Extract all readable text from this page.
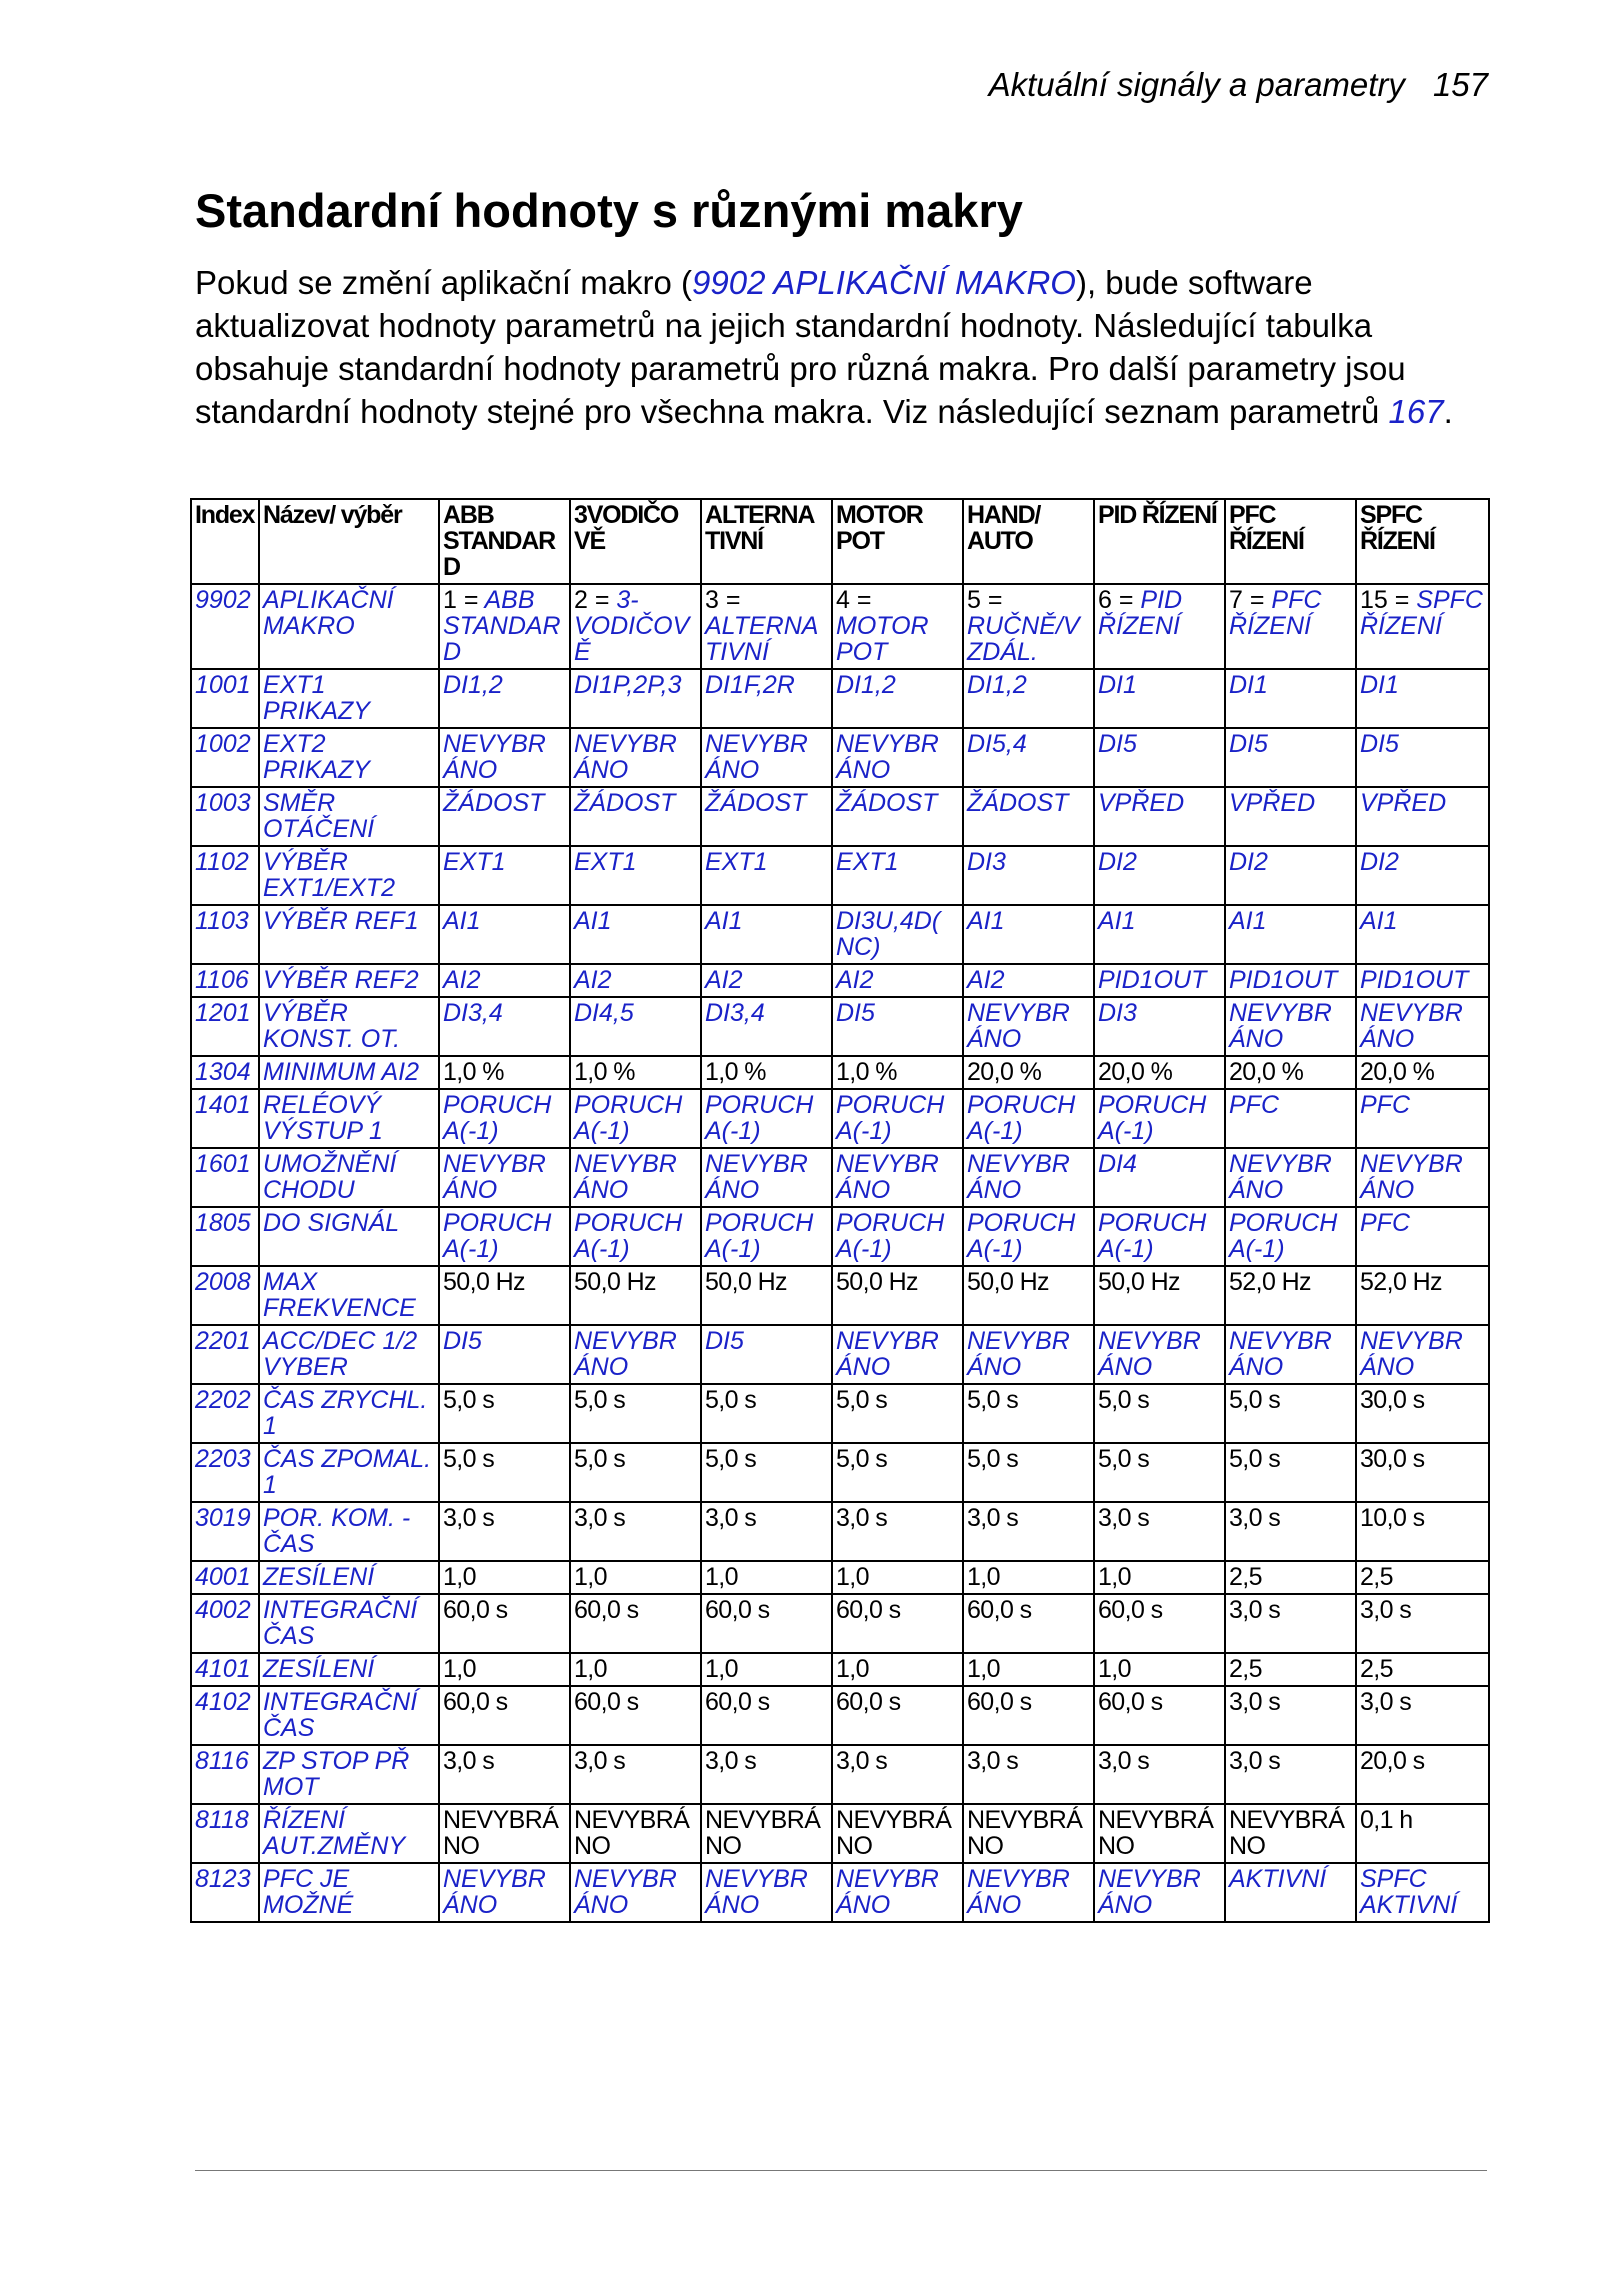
Aktuální signály a parametry 157
Standardní hodnoty s různými makry

Pokud se změní aplikační makro (9902 APLIKAČNÍ MAKRO), bude software aktualizovat hodnoty parametrů na jejich standardní hodnoty. Následující tabulka obsahuje standardní hodnoty parametrů pro různá makra. Pro další parametry jsou standardní hodnoty stejné pro všechna makra. Viz následující seznam parametrů 167.

Index	Název/ výběr	ABB STANDARD	3VODIČO VĚ	ALTERNA TIVNÍ	MOTOR POT	HAND/ AUTO	PID ŘÍZENÍ	PFC ŘÍZENÍ	SPFC ŘÍZENÍ
9902	APLIKAČNÍ MAKRO	1 = ABB STANDAR D	2 = 3- VODIČOV Ě	3 = ALTERNA TIVNÍ	4 = MOTOR POT	5 = RUČNĚ/V ZDÁL.	6 = PID ŘÍZENÍ	7 = PFC ŘÍZENÍ	15 = SPFC ŘÍZENÍ
1001	EXT1 PRIKAZY	DI1,2	DI1P,2P,3	DI1F,2R	DI1,2	DI1,2	DI1	DI1	DI1
1002	EXT2 PRIKAZY	NEVYBR ÁNO	NEVYBR ÁNO	NEVYBR ÁNO	NEVYBR ÁNO	DI5,4	DI5	DI5	DI5
1003	SMĚR OTÁČENÍ	ŽÁDOST	ŽÁDOST	ŽÁDOST	ŽÁDOST	ŽÁDOST	VPŘED	VPŘED	VPŘED
1102	VÝBĚR EXT1/EXT2	EXT1	EXT1	EXT1	EXT1	DI3	DI2	DI2	DI2
1103	VÝBĚR REF1	AI1	AI1	AI1	DI3U,4D( NC)	AI1	AI1	AI1	AI1
1106	VÝBĚR REF2	AI2	AI2	AI2	AI2	AI2	PID1OUT	PID1OUT	PID1OUT
1201	VÝBĚR KONST. OT.	DI3,4	DI4,5	DI3,4	DI5	NEVYBR ÁNO	DI3	NEVYBR ÁNO	NEVYBR ÁNO
1304	MINIMUM AI2	1,0 %	1,0 %	1,0 %	1,0 %	20,0 %	20,0 %	20,0 %	20,0 %
1401	RELÉOVÝ VÝSTUP 1	PORUCH A(-1)	PORUCH A(-1)	PORUCH A(-1)	PORUCH A(-1)	PORUCH A(-1)	PORUCH A(-1)	PFC	PFC
1601	UMOŽNĚNÍ CHODU	NEVYBR ÁNO	NEVYBR ÁNO	NEVYBR ÁNO	NEVYBR ÁNO	NEVYBR ÁNO	DI4	NEVYBR ÁNO	NEVYBR ÁNO
1805	DO SIGNÁL	PORUCH A(-1)	PORUCH A(-1)	PORUCH A(-1)	PORUCH A(-1)	PORUCH A(-1)	PORUCH A(-1)	PORUCH A(-1)	PFC
2008	MAX FREKVENCE	50,0 Hz	50,0 Hz	50,0 Hz	50,0 Hz	50,0 Hz	50,0 Hz	52,0 Hz	52,0 Hz
2201	ACC/DEC 1/2 VYBER	DI5	NEVYBR ÁNO	DI5	NEVYBR ÁNO	NEVYBR ÁNO	NEVYBR ÁNO	NEVYBR ÁNO	NEVYBR ÁNO
2202	ČAS ZRYCHL. 1	5,0 s	5,0 s	5,0 s	5,0 s	5,0 s	5,0 s	5,0 s	30,0 s
2203	ČAS ZPOMAL. 1	5,0 s	5,0 s	5,0 s	5,0 s	5,0 s	5,0 s	5,0 s	30,0 s
3019	POR. KOM. - ČAS	3,0 s	3,0 s	3,0 s	3,0 s	3,0 s	3,0 s	3,0 s	10,0 s
4001	ZESÍLENÍ	1,0	1,0	1,0	1,0	1,0	1,0	2,5	2,5
4002	INTEGRAČNÍ ČAS	60,0 s	60,0 s	60,0 s	60,0 s	60,0 s	60,0 s	3,0 s	3,0 s
4101	ZESÍLENÍ	1,0	1,0	1,0	1,0	1,0	1,0	2,5	2,5
4102	INTEGRAČNÍ ČAS	60,0 s	60,0 s	60,0 s	60,0 s	60,0 s	60,0 s	3,0 s	3,0 s
8116	ZP STOP PŘ MOT	3,0 s	3,0 s	3,0 s	3,0 s	3,0 s	3,0 s	3,0 s	20,0 s
8118	ŘÍZENÍ AUT.ZMĚNY	NEVYBRÁ NO	NEVYBRÁ NO	NEVYBRÁ NO	NEVYBRÁ NO	NEVYBRÁ NO	NEVYBRÁ NO	NEVYBRÁ NO	0,1 h
8123	PFC JE MOŽNÉ	NEVYBR ÁNO	NEVYBR ÁNO	NEVYBR ÁNO	NEVYBR ÁNO	NEVYBR ÁNO	NEVYBR ÁNO	AKTIVNÍ	SPFC AKTIVNÍ
